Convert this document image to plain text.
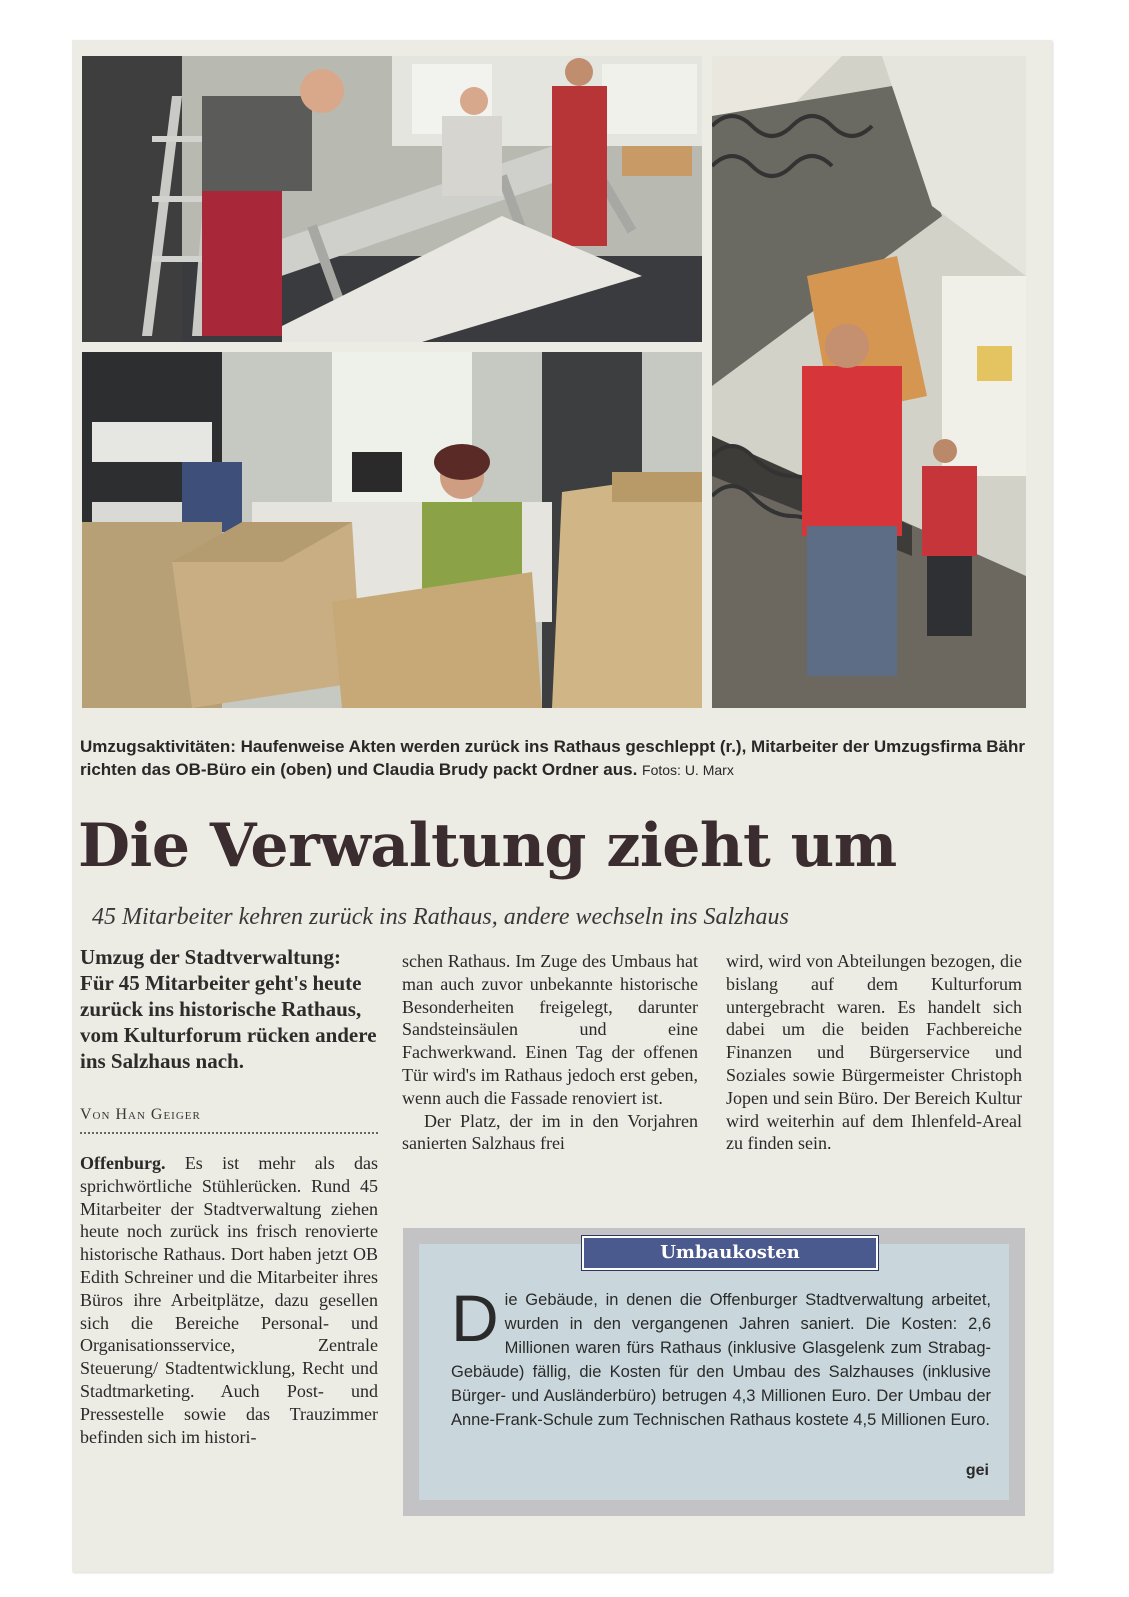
Umzugsaktivitäten: Haufenweise Akten werden zurück ins Rathaus geschleppt (r.), Mitarbeiter der Umzugsfirma Bähr richten das OB-Büro ein (oben) und Claudia Brudy packt Ordner aus. Fotos: U. Marx
Die Verwaltung zieht um
45 Mitarbeiter kehren zurück ins Rathaus, andere wechseln ins Salzhaus
Umzug der Stadtverwaltung: Für 45 Mitarbeiter geht's heute zurück ins historische Rathaus, vom Kulturforum rücken andere ins Salzhaus nach.
Von Han Geiger

Offenburg. Es ist mehr als das sprichwörtliche Stühlerücken. Rund 45 Mitarbeiter der Stadtverwaltung ziehen heute noch zurück ins frisch renovierte historische Rathaus. Dort haben jetzt OB Edith Schreiner und die Mitarbeiter ihres Büros ihre Arbeitplätze, dazu gesellen sich die Bereiche Personal- und Organisationsservice, Zentrale Steuerung/ Stadtentwicklung, Recht und Stadtmarketing. Auch Post- und Pressestelle sowie das Trauzimmer befinden sich im histori-

schen Rathaus. Im Zuge des Umbaus hat man auch zuvor unbekannte historische Besonderheiten freigelegt, darunter Sandsteinsäulen und eine Fachwerkwand. Einen Tag der offenen Tür wird's im Rathaus jedoch erst geben, wenn auch die Fassade renoviert ist.

Der Platz, der im in den Vorjahren sanierten Salzhaus frei

wird, wird von Abteilungen bezogen, die bislang auf dem Kulturforum untergebracht waren. Es handelt sich dabei um die beiden Fachbereiche Finanzen und Bürgerservice und Soziales sowie Bürgermeister Christoph Jopen und sein Büro. Der Bereich Kultur wird weiterhin auf dem Ihlenfeld-Areal zu finden sein.

Umbaukosten
Die Gebäude, in denen die Offenburger Stadtverwaltung arbeitet, wurden in den vergangenen Jahren saniert. Die Kosten: 2,6 Millionen waren fürs Rathaus (inklusive Glasgelenk zum Strabag-Gebäude) fällig, die Kosten für den Umbau des Salzhauses (inklusive Bürger- und Ausländerbüro) betrugen 4,3 Millionen Euro. Der Umbau der Anne-Frank-Schule zum Technischen Rathaus kostete 4,5 Millionen Euro.
gei
